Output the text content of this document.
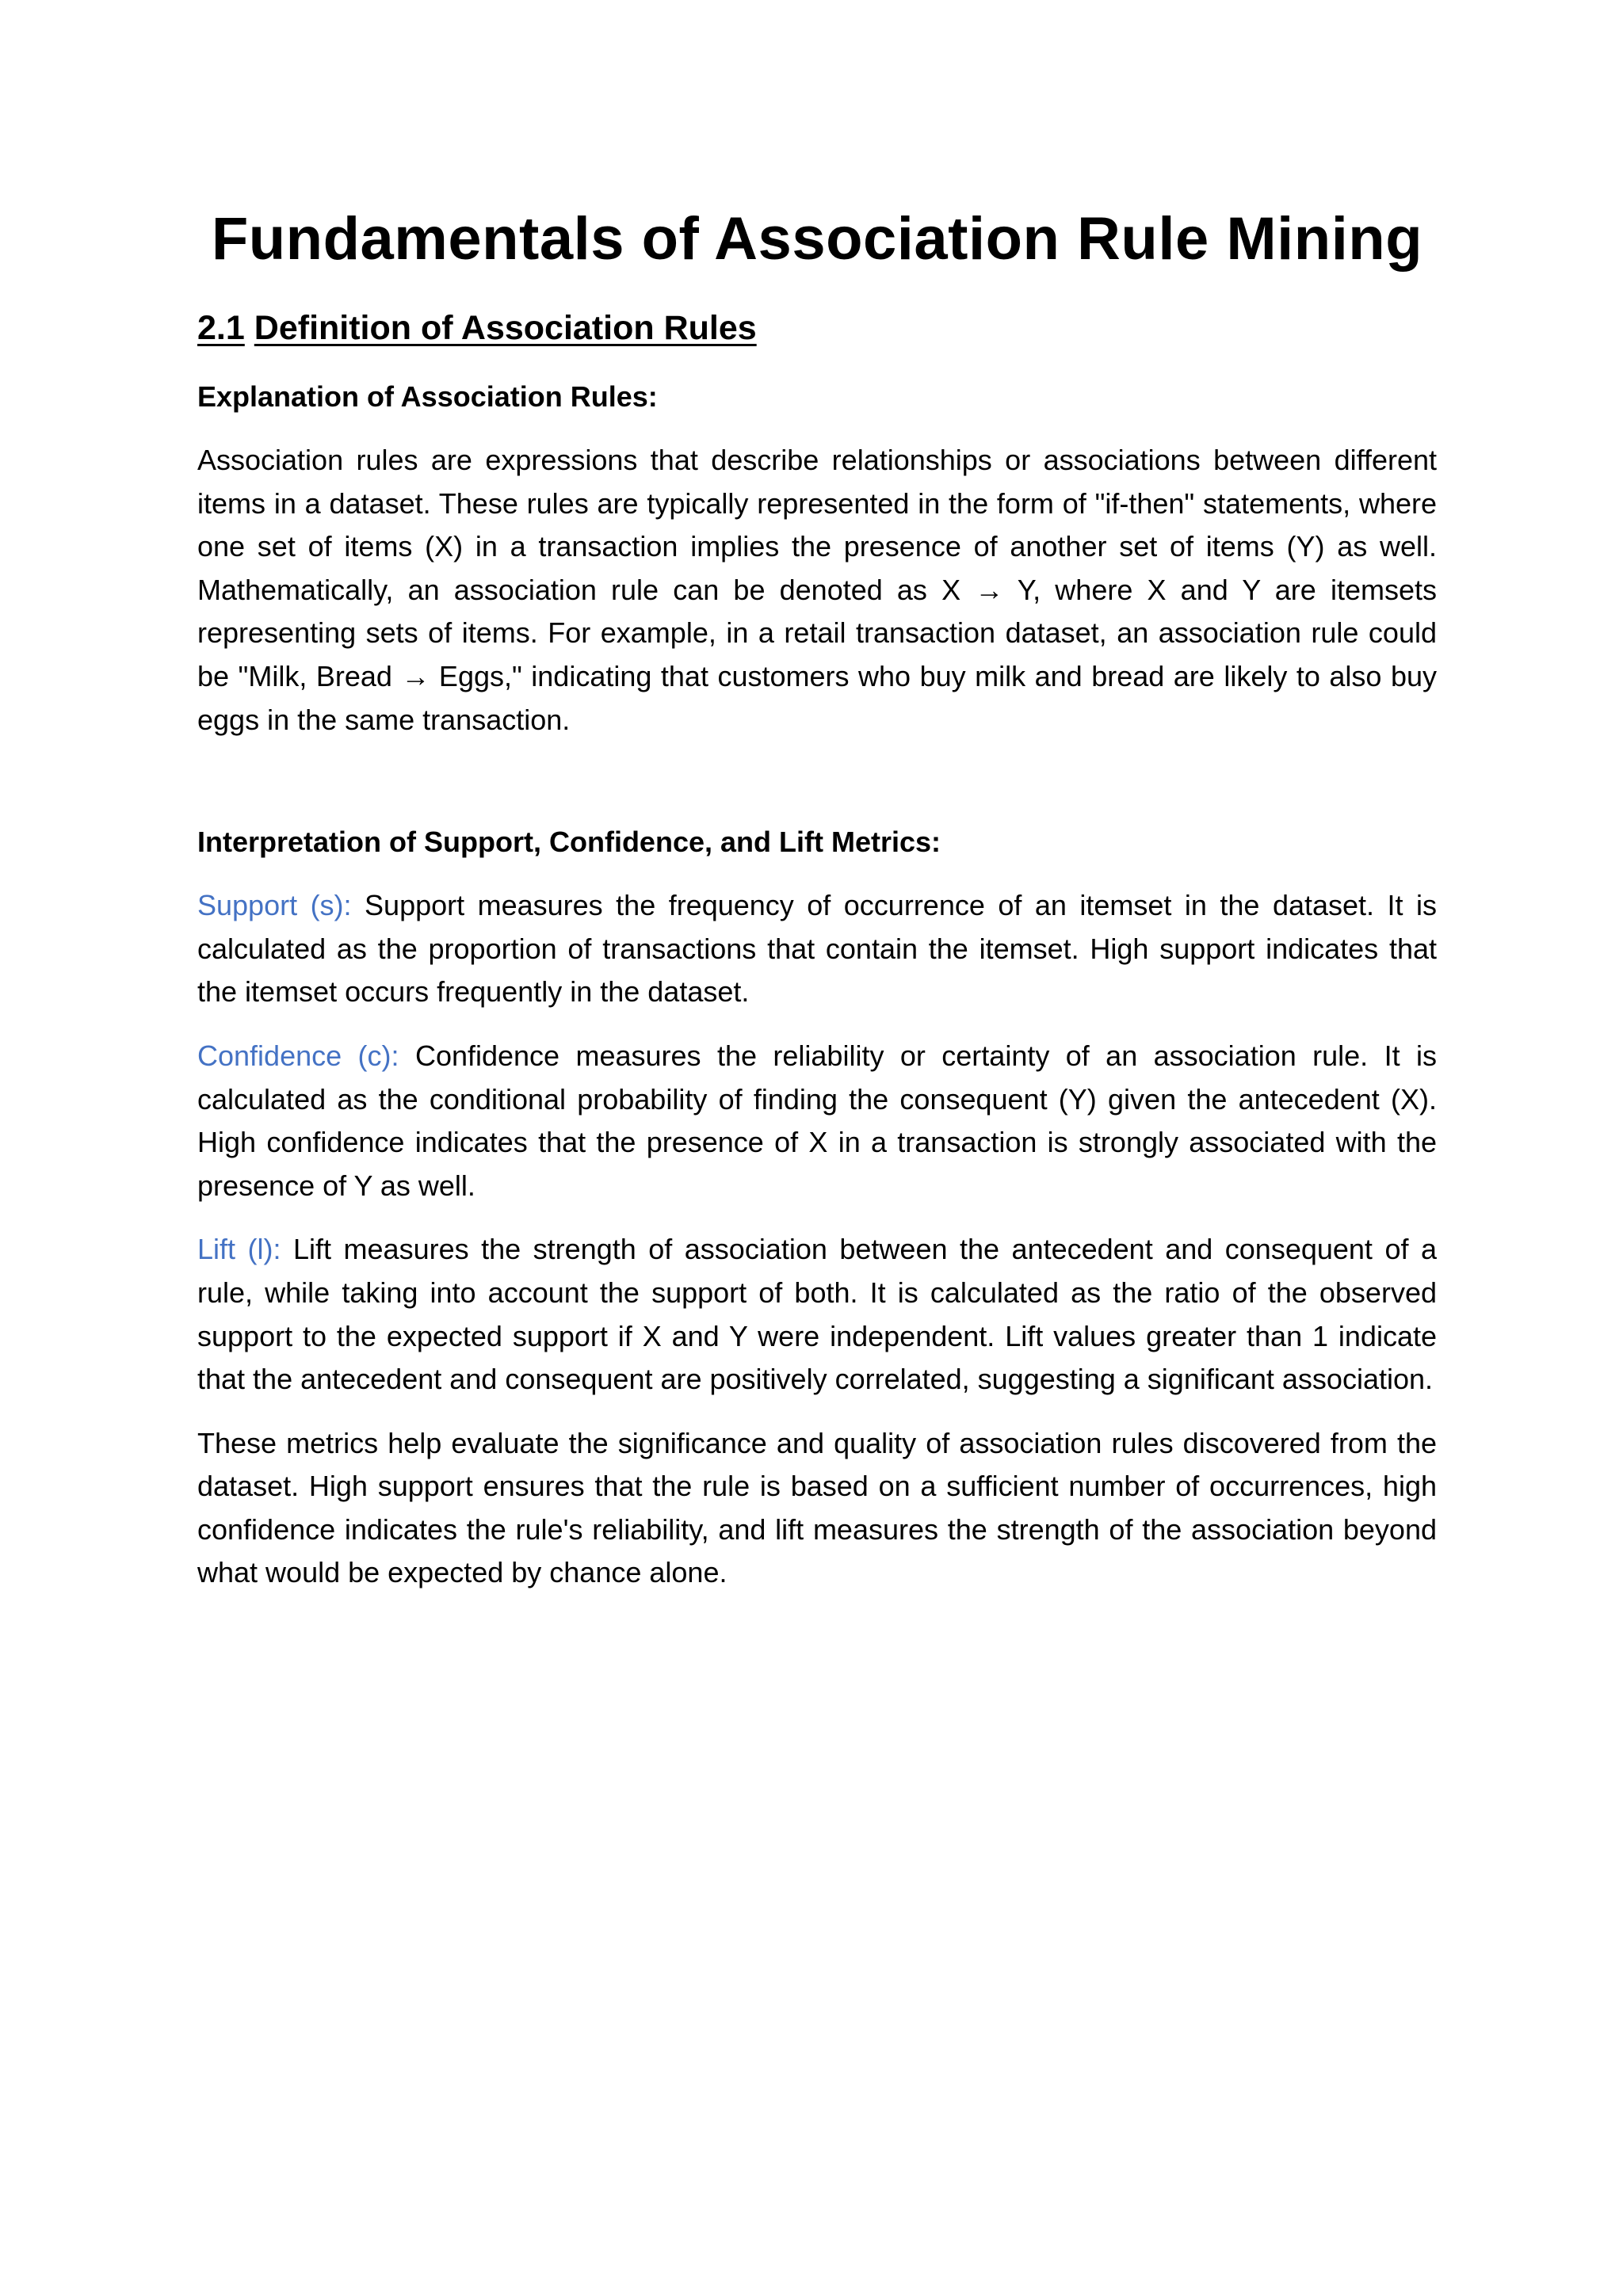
Fundamentals of Association Rule Mining
2.1 Definition of Association Rules
Explanation of Association Rules:

Association rules are expressions that describe relationships or associations between different items in a dataset. These rules are typically represented in the form of "if-then" statements, where one set of items (X) in a transaction implies the presence of another set of items (Y) as well. Mathematically, an association rule can be denoted as X → Y, where X and Y are itemsets representing sets of items. For example, in a retail transaction dataset, an association rule could be "Milk, Bread → Eggs," indicating that customers who buy milk and bread are likely to also buy eggs in the same transaction.

Interpretation of Support, Confidence, and Lift Metrics:

Support (s): Support measures the frequency of occurrence of an itemset in the dataset. It is calculated as the proportion of transactions that contain the itemset. High support indicates that the itemset occurs frequently in the dataset.

Confidence (c): Confidence measures the reliability or certainty of an association rule. It is calculated as the conditional probability of finding the consequent (Y) given the antecedent (X). High confidence indicates that the presence of X in a transaction is strongly associated with the presence of Y as well.

Lift (l): Lift measures the strength of association between the antecedent and consequent of a rule, while taking into account the support of both. It is calculated as the ratio of the observed support to the expected support if X and Y were independent. Lift values greater than 1 indicate that the antecedent and consequent are positively correlated, suggesting a significant association.

These metrics help evaluate the significance and quality of association rules discovered from the dataset. High support ensures that the rule is based on a sufficient number of occurrences, high confidence indicates the rule's reliability, and lift measures the strength of the association beyond what would be expected by chance alone.
